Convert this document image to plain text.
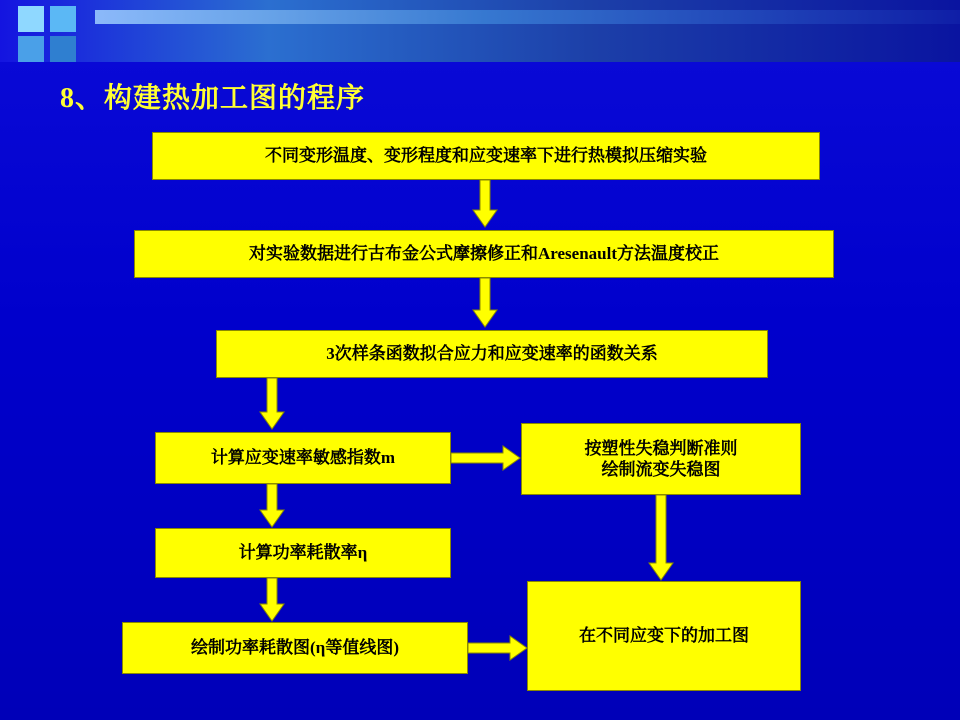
8、构建热加工图的程序
不同变形温度、变形程度和应变速率下进行热模拟压缩实验
对实验数据进行古布金公式摩擦修正和Aresenault方法温度校正
3次样条函数拟合应力和应变速率的函数关系
计算应变速率敏感指数m
按塑性失稳判断准则
绘制流变失稳图
计算功率耗散率η
绘制功率耗散图(η等值线图)
在不同应变下的加工图
